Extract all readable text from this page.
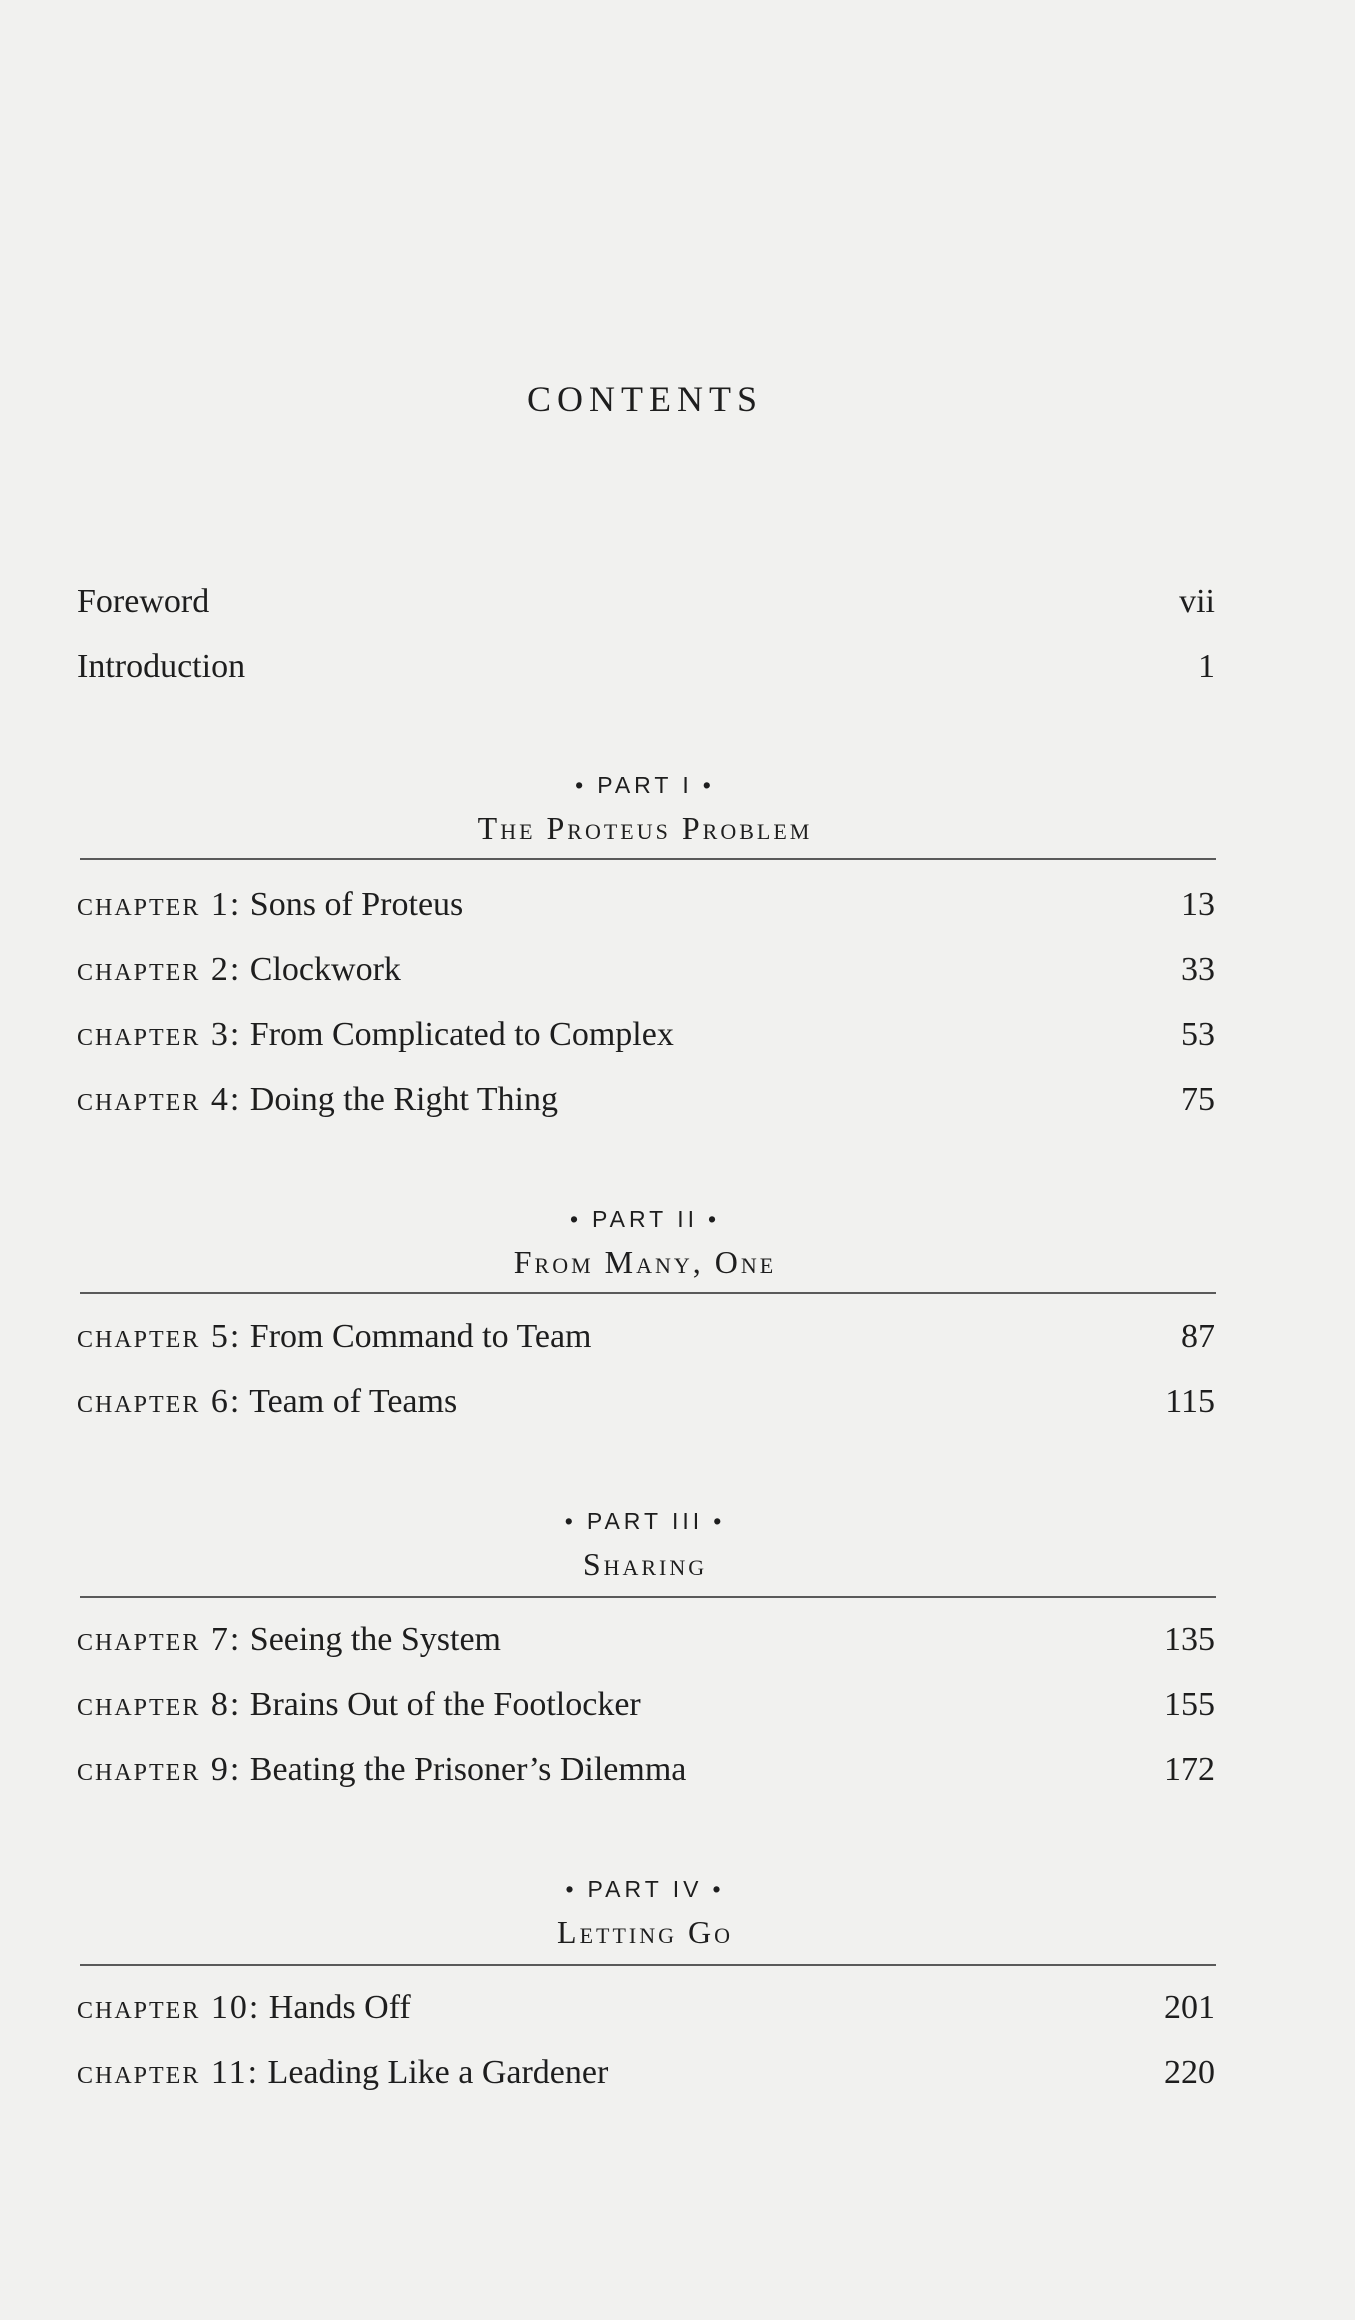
CONTENTS
Foreword	vii
Introduction	1
• PART I •
The Proteus Problem
chapter 1: Sons of Proteus	13
chapter 2: Clockwork	33
chapter 3: From Complicated to Complex	53
chapter 4: Doing the Right Thing	75
• PART II •
From Many, One
chapter 5: From Command to Team	87
chapter 6: Team of Teams	115
• PART III •
Sharing
chapter 7: Seeing the System	135
chapter 8: Brains Out of the Footlocker	155
chapter 9: Beating the Prisoner’s Dilemma	172
• PART IV •
Letting Go
chapter 10: Hands Off	201
chapter 11: Leading Like a Gardener	220
